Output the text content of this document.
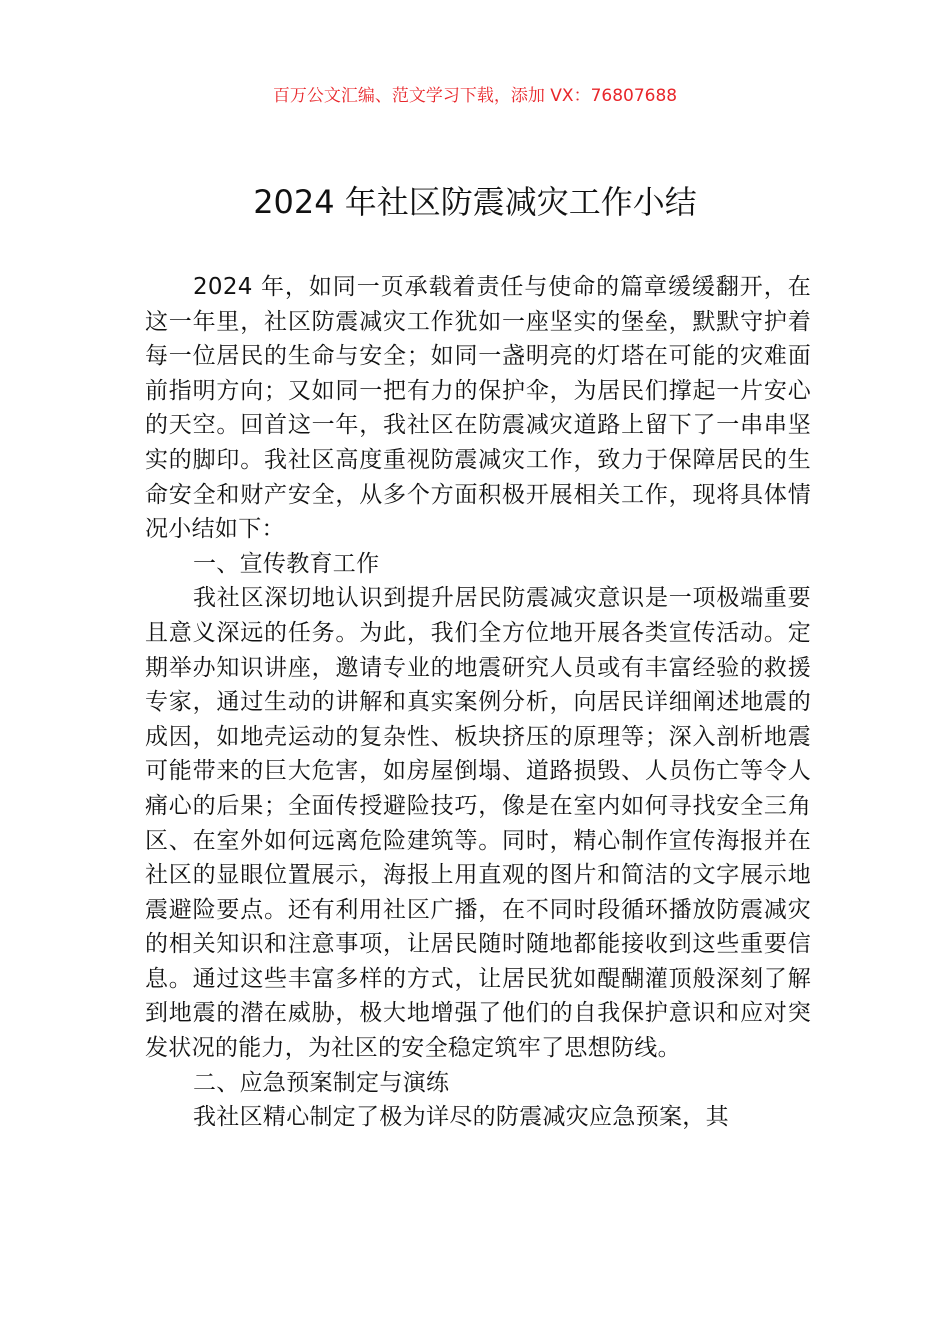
百万公文汇编、范文学习下载，添加 VX：76807688
2024 年社区防震减灾工作小结

2024 年，如同一页承载着责任与使命的篇章缓缓翻开，在这一年里，社区防震减灾工作犹如一座坚实的堡垒，默默守护着每一位居民的生命与安全；如同一盏明亮的灯塔在可能的灾难面前指明方向；又如同一把有力的保护伞，为居民们撑起一片安心的天空。回首这一年，我社区在防震减灾道路上留下了一串串坚实的脚印。我社区高度重视防震减灾工作，致力于保障居民的生命安全和财产安全，从多个方面积极开展相关工作，现将具体情况小结如下：

一、宣传教育工作

我社区深切地认识到提升居民防震减灾意识是一项极端重要且意义深远的任务。为此，我们全方位地开展各类宣传活动。定期举办知识讲座，邀请专业的地震研究人员或有丰富经验的救援专家，通过生动的讲解和真实案例分析，向居民详细阐述地震的成因，如地壳运动的复杂性、板块挤压的原理等；深入剖析地震可能带来的巨大危害，如房屋倒塌、道路损毁、人员伤亡等令人痛心的后果；全面传授避险技巧，像是在室内如何寻找安全三角区、在室外如何远离危险建筑等。同时，精心制作宣传海报并在社区的显眼位置展示，海报上用直观的图片和简洁的文字展示地震避险要点。还有利用社区广播，在不同时段循环播放防震减灾的相关知识和注意事项，让居民随时随地都能接收到这些重要信息。通过这些丰富多样的方式，让居民犹如醍醐灌顶般深刻了解到地震的潜在威胁，极大地增强了他们的自我保护意识和应对突发状况的能力，为社区的安全稳定筑牢了思想防线。

二、应急预案制定与演练

我社区精心制定了极为详尽的防震减灾应急预案，其
